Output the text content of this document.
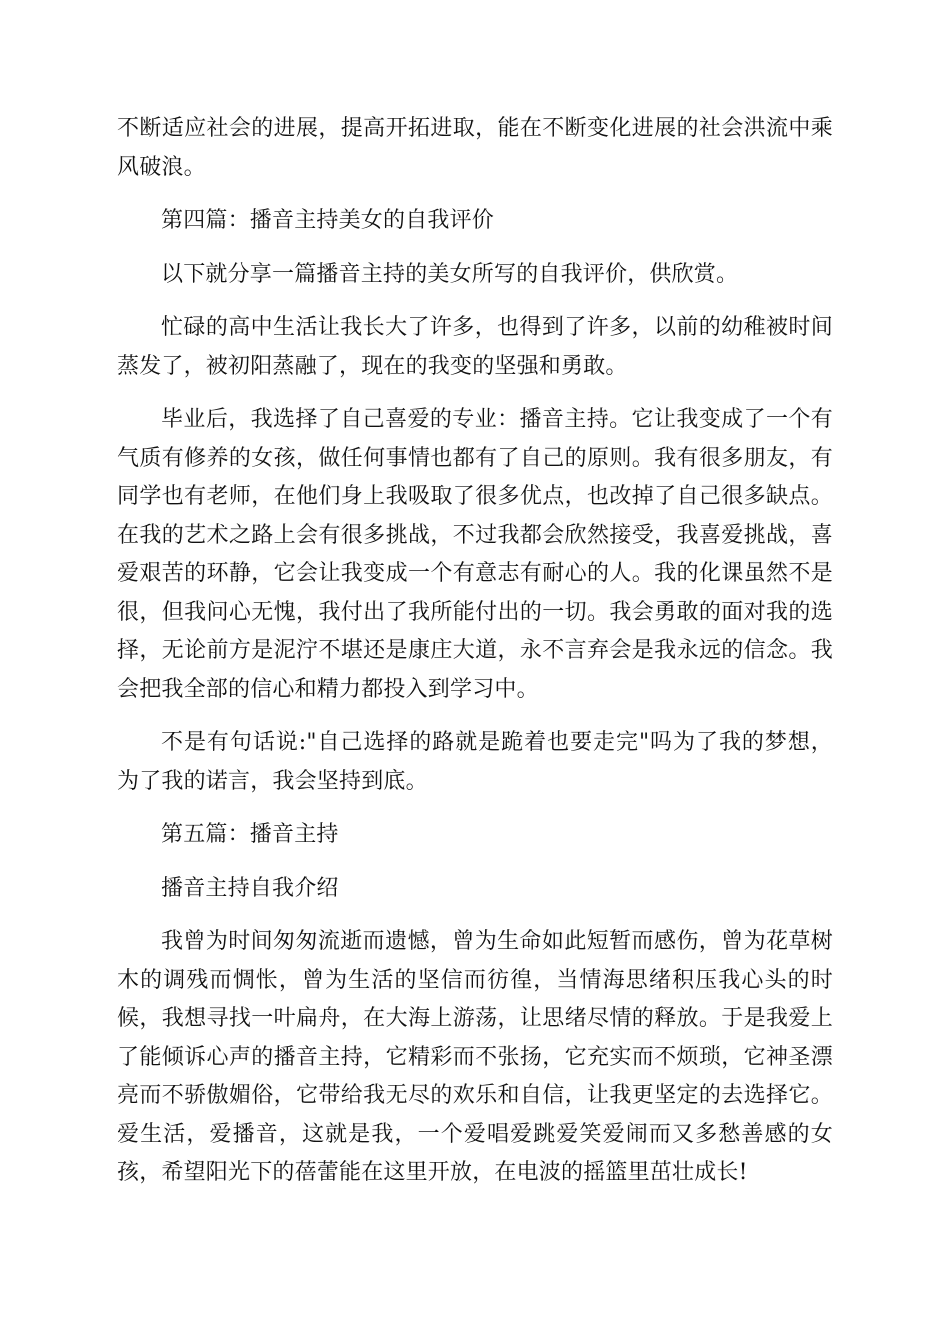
不断适应社会的进展，提高开拓进取，能在不断变化进展的社会洪流中乘风破浪。

第四篇：播音主持美女的自我评价

以下就分享一篇播音主持的美女所写的自我评价，供欣赏。

忙碌的高中生活让我长大了许多，也得到了许多，以前的幼稚被时间蒸发了，被初阳蒸融了，现在的我变的坚强和勇敢。

毕业后，我选择了自己喜爱的专业：播音主持。它让我变成了一个有气质有修养的女孩，做任何事情也都有了自己的原则。我有很多朋友，有同学也有老师，在他们身上我吸取了很多优点，也改掉了自己很多缺点。在我的艺术之路上会有很多挑战，不过我都会欣然接受，我喜爱挑战，喜爱艰苦的环静，它会让我变成一个有意志有耐心的人。我的化课虽然不是很，但我问心无愧，我付出了我所能付出的一切。我会勇敢的面对我的选择，无论前方是泥泞不堪还是康庄大道，永不言弃会是我永远的信念。我会把我全部的信心和精力都投入到学习中。

不是有句话说:"自己选择的路就是跪着也要走完"吗为了我的梦想，为了我的诺言，我会坚持到底。

第五篇：播音主持

播音主持自我介绍

我曾为时间匆匆流逝而遗憾，曾为生命如此短暂而感伤，曾为花草树木的调残而惆怅，曾为生活的坚信而彷徨，当情海思绪积压我心头的时候，我想寻找一叶扁舟，在大海上游荡，让思绪尽情的释放。于是我爱上了能倾诉心声的播音主持，它精彩而不张扬，它充实而不烦琐，它神圣漂亮而不骄傲媚俗，它带给我无尽的欢乐和自信，让我更坚定的去选择它。爱生活，爱播音，这就是我，一个爱唱爱跳爱笑爱闹而又多愁善感的女孩，希望阳光下的蓓蕾能在这里开放，在电波的摇篮里茁壮成长!
